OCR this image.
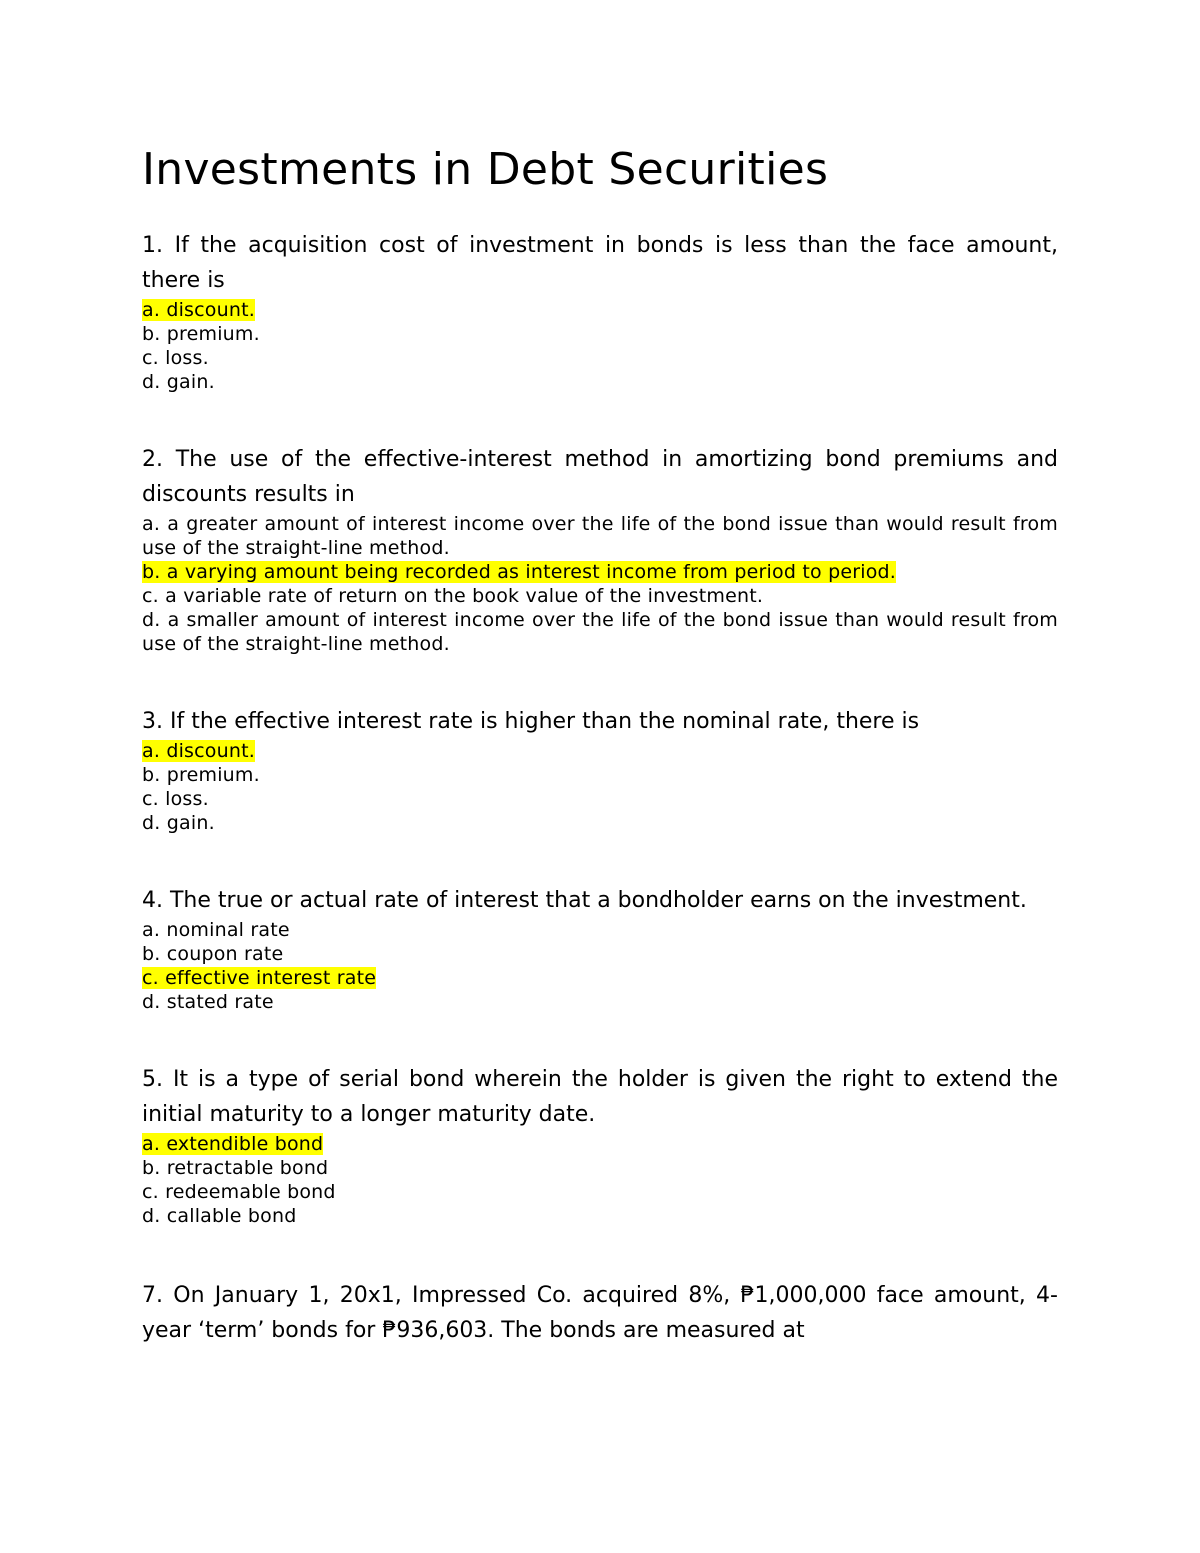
Investments in Debt Securities

1. If the acquisition cost of investment in bonds is less than the face amount, there is

a. discount.
b. premium.
c. loss.
d. gain.

2. The use of the effective-interest method in amortizing bond premiums and discounts results in

a. a greater amount of interest income over the life of the bond issue than would result from use of the straight-line method.
b. a varying amount being recorded as interest income from period to period.
c. a variable rate of return on the book value of the investment.
d. a smaller amount of interest income over the life of the bond issue than would result from use of the straight-line method.

3. If the effective interest rate is higher than the nominal rate, there is

a. discount.
b. premium.
c. loss.
d. gain.

4. The true or actual rate of interest that a bondholder earns on the investment.

a. nominal rate
b. coupon rate
c. effective interest rate
d. stated rate

5. It is a type of serial bond wherein the holder is given the right to extend the initial maturity to a longer maturity date.

a. extendible bond
b. retractable bond
c. redeemable bond
d. callable bond

7. On January 1, 20x1, Impressed Co. acquired 8%, ₱1,000,000 face amount, 4-year ‘term’ bonds for ₱936,603. The bonds are measured at
